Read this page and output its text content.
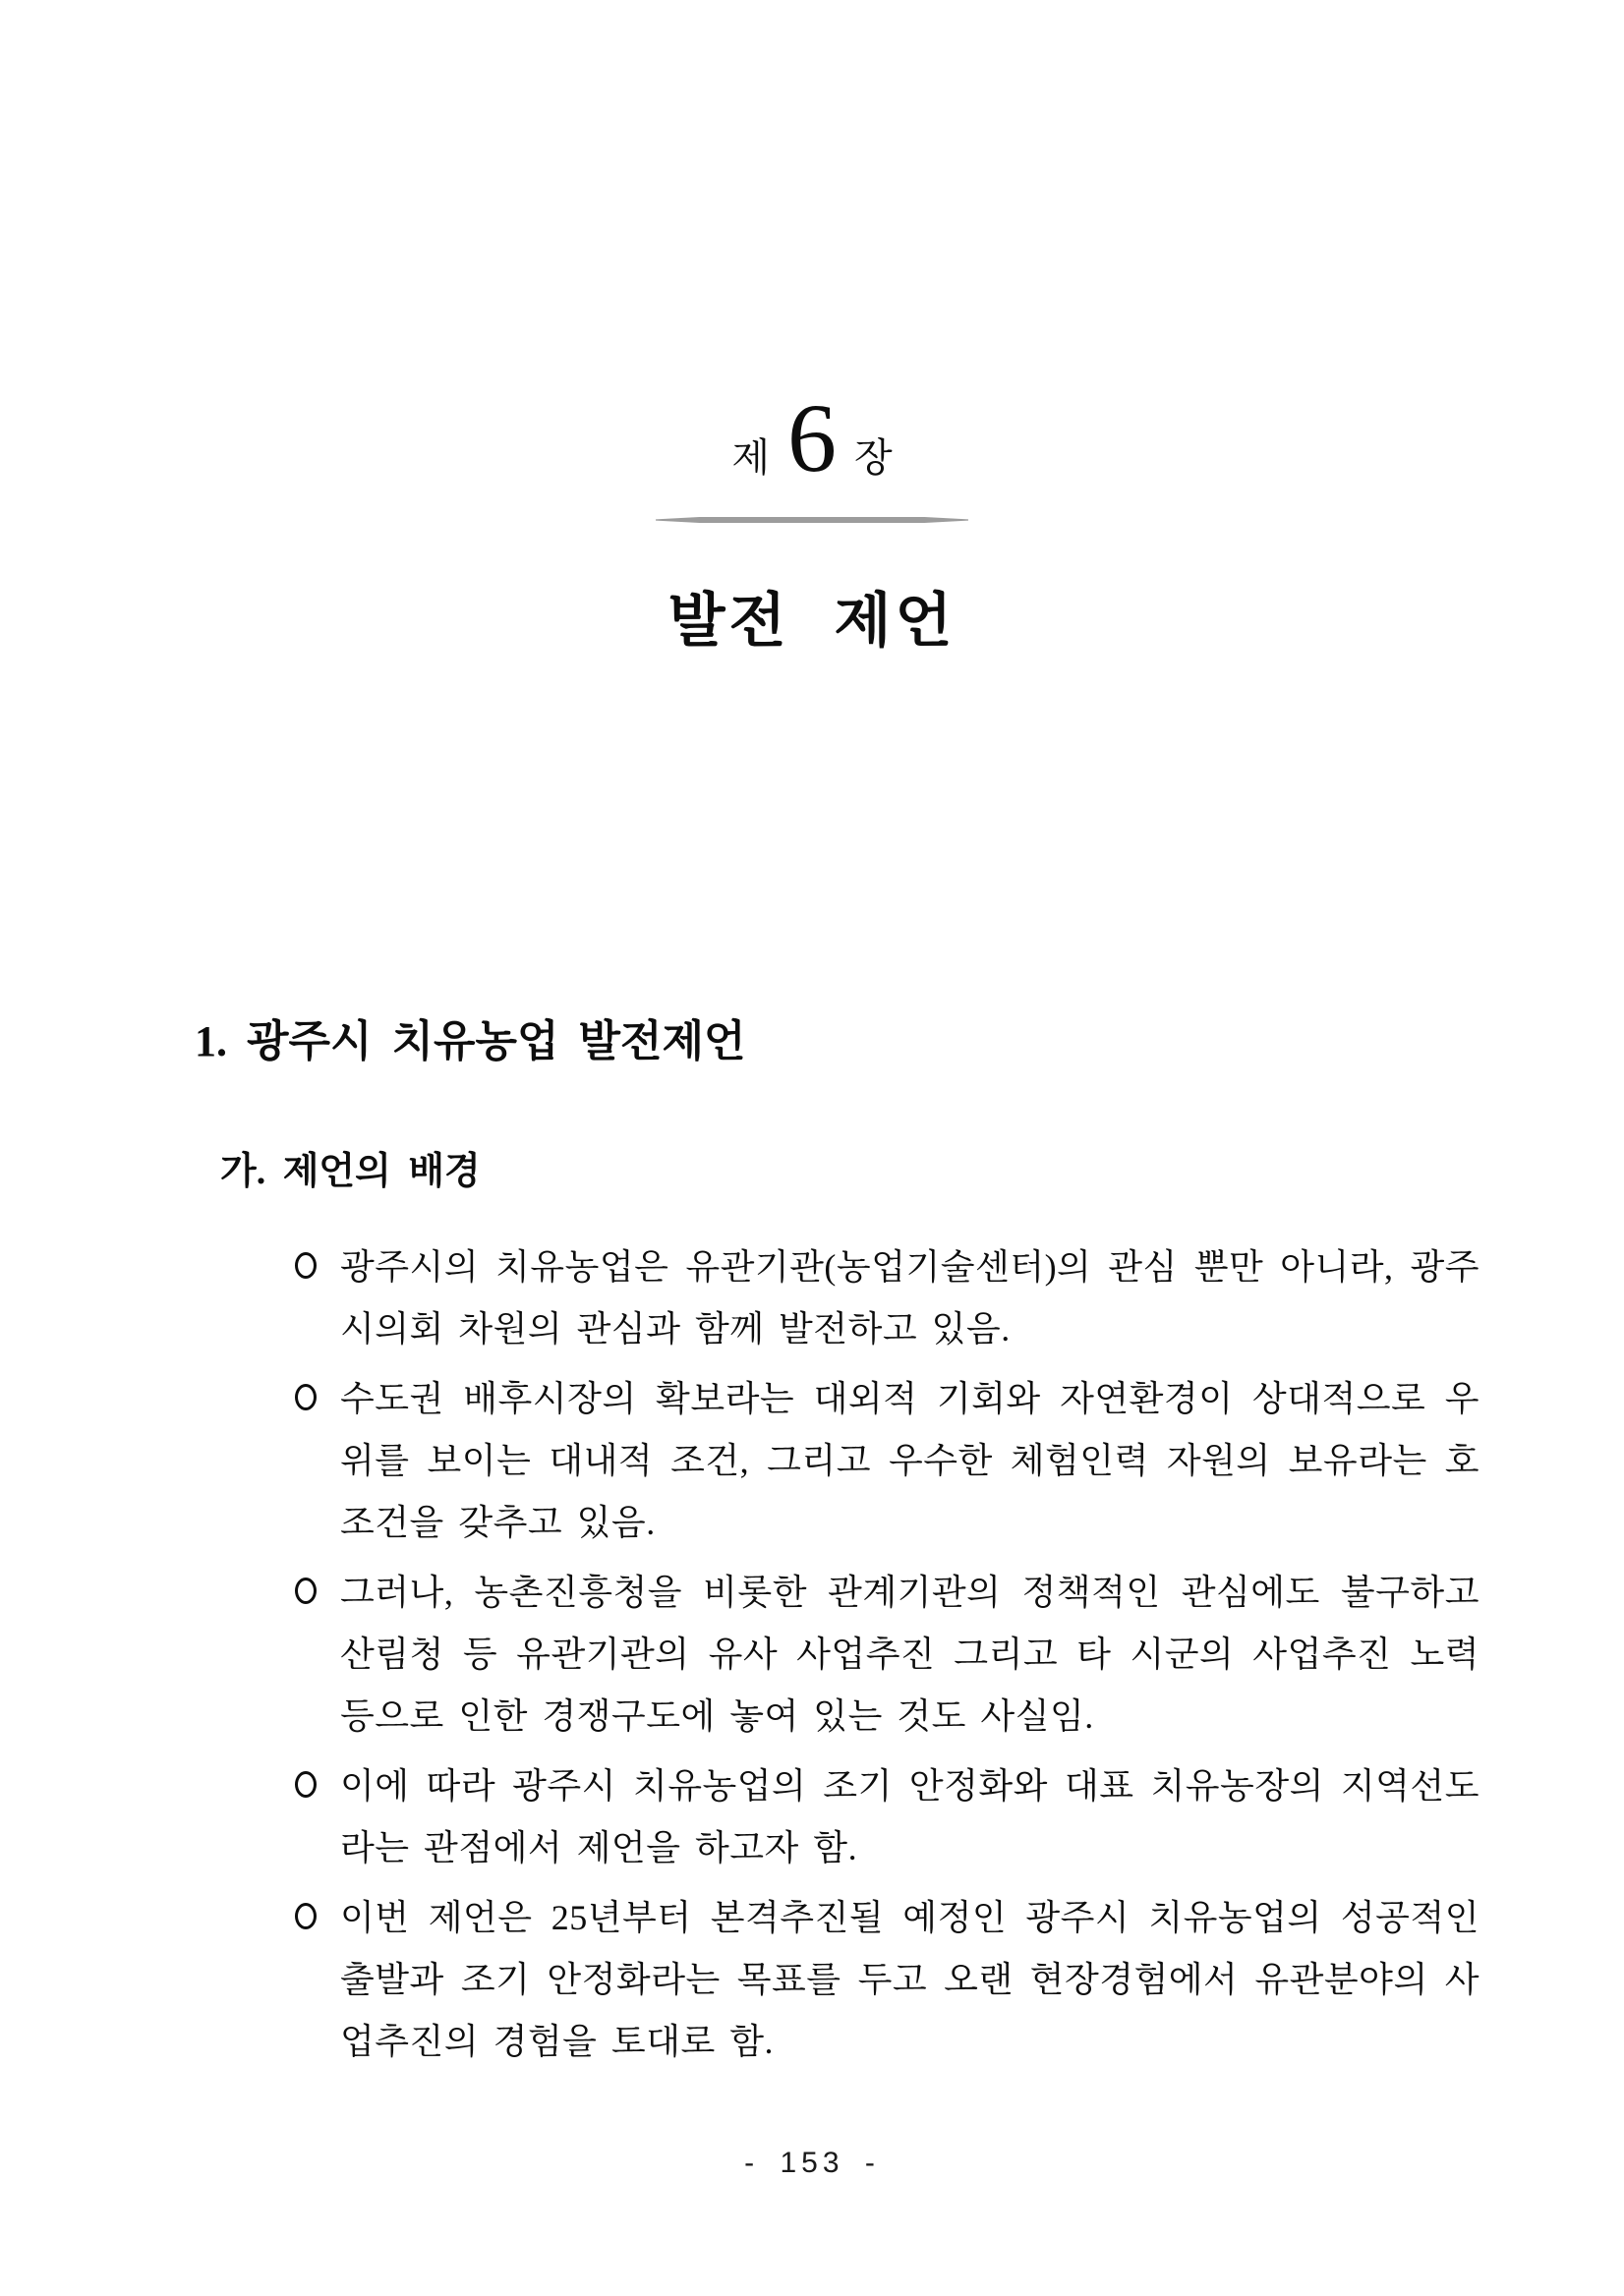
제 6 장
발전 제언
1. 광주시 치유농업 발전제언
가. 제언의 배경

광주시의 치유농업은 유관기관(농업기술센터)의 관심 뿐만 아니라, 광주시의회 차원의 관심과 함께 발전하고 있음.

수도권 배후시장의 확보라는 대외적 기회와 자연환경이 상대적으로 우위를 보이는 대내적 조건, 그리고 우수한 체험인력 자원의 보유라는 호조건을 갖추고 있음.

그러나, 농촌진흥청을 비롯한 관계기관의 정책적인 관심에도 불구하고 산림청 등 유관기관의 유사 사업추진 그리고 타 시군의 사업추진 노력 등으로 인한 경쟁구도에 놓여 있는 것도 사실임.

이에 따라 광주시 치유농업의 조기 안정화와 대표 치유농장의 지역선도라는 관점에서 제언을 하고자 함.

이번 제언은 25년부터 본격추진될 예정인 광주시 치유농업의 성공적인 출발과 조기 안정화라는 목표를 두고 오랜 현장경험에서 유관분야의 사업추진의 경험을 토대로 함.

- 153 -
